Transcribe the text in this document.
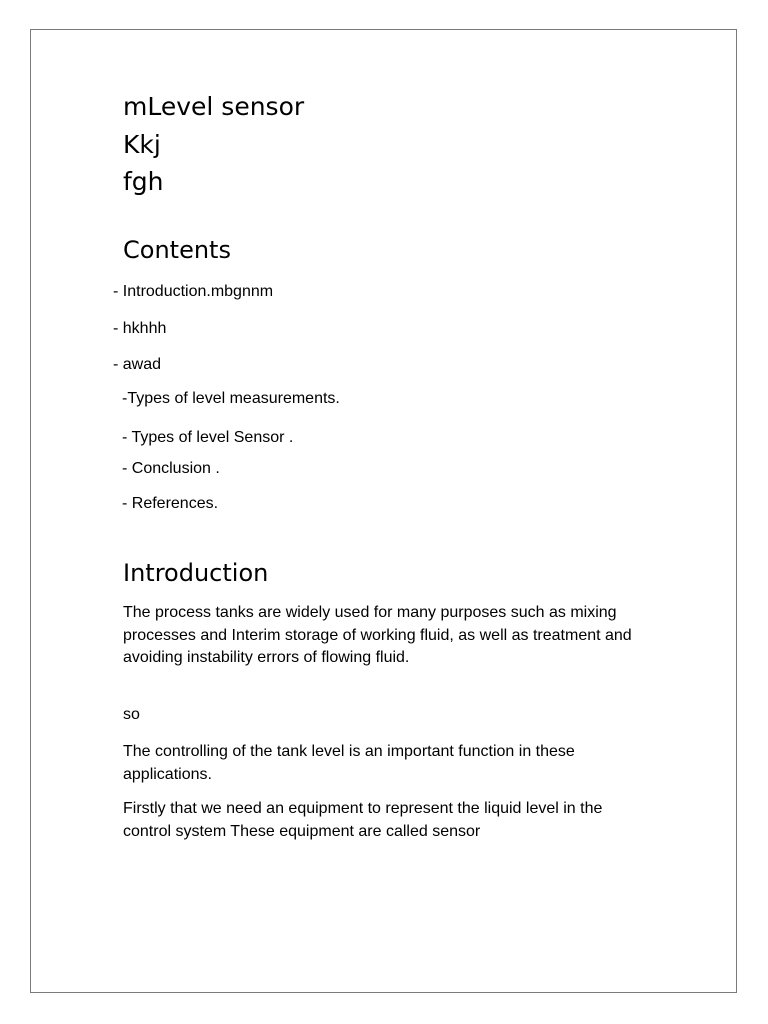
mLevel sensor
Kkj
fgh
Contents
- Introduction.mbgnnm
- hkhhh
- awad
-Types of level measurements.
- Types of level Sensor .
- Conclusion .
- References.
Introduction

The process tanks are widely used for many purposes such as mixing processes and Interim storage of working fluid, as well as treatment and avoiding instability errors of flowing fluid.

so

The controlling of the tank level is an important function in these applications.

Firstly that we need an equipment to represent the liquid level in the control system These equipment are called sensor
